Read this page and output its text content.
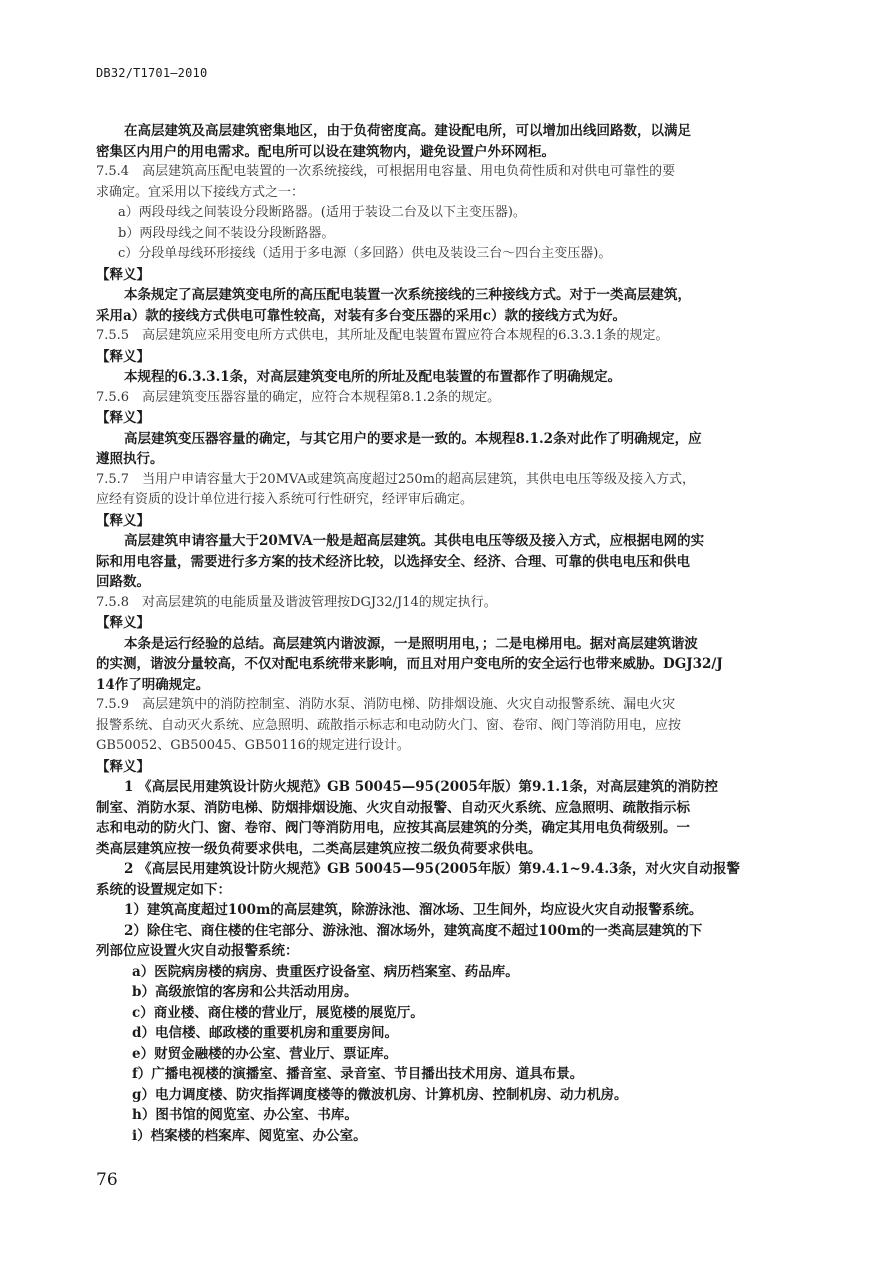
DB32/T1701—2010
在高层建筑及高层建筑密集地区，由于负荷密度高。建设配电所，可以增加出线回路数，以满足
密集区内用户的用电需求。配电所可以设在建筑物内，避免设置户外环网柜。
7.5.4　高层建筑高压配电装置的一次系统接线，可根据用电容量、用电负荷性质和对供电可靠性的要
求确定。宜采用以下接线方式之一：
a）两段母线之间装设分段断路器。(适用于装设二台及以下主变压器)。
b）两段母线之间不装设分段断路器。
c）分段单母线环形接线（适用于多电源（多回路）供电及装设三台～四台主变压器)。
【释义】
本条规定了高层建筑变电所的高压配电装置一次系统接线的三种接线方式。对于一类高层建筑，
采用a）款的接线方式供电可靠性较高，对装有多台变压器的采用c）款的接线方式为好。
7.5.5　高层建筑应采用变电所方式供电，其所址及配电装置布置应符合本规程的6.3.3.1条的规定。
【释义】
本规程的6.3.3.1条，对高层建筑变电所的所址及配电装置的布置都作了明确规定。
7.5.6　高层建筑变压器容量的确定，应符合本规程第8.1.2条的规定。
【释义】
高层建筑变压器容量的确定，与其它用户的要求是一致的。本规程8.1.2条对此作了明确规定，应
遵照执行。
7.5.7　当用户申请容量大于20MVA或建筑高度超过250m的超高层建筑，其供电电压等级及接入方式，
应经有资质的设计单位进行接入系统可行性研究，经评审后确定。
【释义】
高层建筑申请容量大于20MVA一般是超高层建筑。其供电电压等级及接入方式，应根据电网的实
际和用电容量，需要进行多方案的技术经济比较，以选择安全、经济、合理、可靠的供电电压和供电
回路数。
7.5.8　对高层建筑的电能质量及谐波管理按DGJ32/J14的规定执行。
【释义】
本条是运行经验的总结。高层建筑内谐波源，一是照明用电，；二是电梯用电。据对高层建筑谐波
的实测，谐波分量较高，不仅对配电系统带来影响，而且对用户变电所的安全运行也带来威胁。DGJ32/J
14作了明确规定。
7.5.9　高层建筑中的消防控制室、消防水泵、消防电梯、防排烟设施、火灾自动报警系统、漏电火灾
报警系统、自动灭火系统、应急照明、疏散指示标志和电动防火门、窗、卷帘、阀门等消防用电，应按
GB50052、GB50045、GB50116的规定进行设计。
【释义】
1 《高层民用建筑设计防火规范》GB 50045—95(2005年版）第9.1.1条，对高层建筑的消防控
制室、消防水泵、消防电梯、防烟排烟设施、火灾自动报警、自动灭火系统、应急照明、疏散指示标
志和电动的防火门、窗、卷帘、阀门等消防用电，应按其高层建筑的分类，确定其用电负荷级别。一
类高层建筑应按一级负荷要求供电，二类高层建筑应按二级负荷要求供电。
2 《高层民用建筑设计防火规范》GB 50045—95(2005年版）第9.4.1~9.4.3条，对火灾自动报警
系统的设置规定如下：
1）建筑高度超过100m的高层建筑，除游泳池、溜冰场、卫生间外，均应设火灾自动报警系统。
2）除住宅、商住楼的住宅部分、游泳池、溜冰场外，建筑高度不超过100m的一类高层建筑的下
列部位应设置火灾自动报警系统：
a）医院病房楼的病房、贵重医疗设备室、病历档案室、药品库。
b）高级旅馆的客房和公共活动用房。
c）商业楼、商住楼的营业厅，展览楼的展览厅。
d）电信楼、邮政楼的重要机房和重要房间。
e）财贸金融楼的办公室、营业厅、票证库。
f）广播电视楼的演播室、播音室、录音室、节目播出技术用房、道具布景。
g）电力调度楼、防灾指挥调度楼等的微波机房、计算机房、控制机房、动力机房。
h）图书馆的阅览室、办公室、书库。
i）档案楼的档案库、阅览室、办公室。
76
